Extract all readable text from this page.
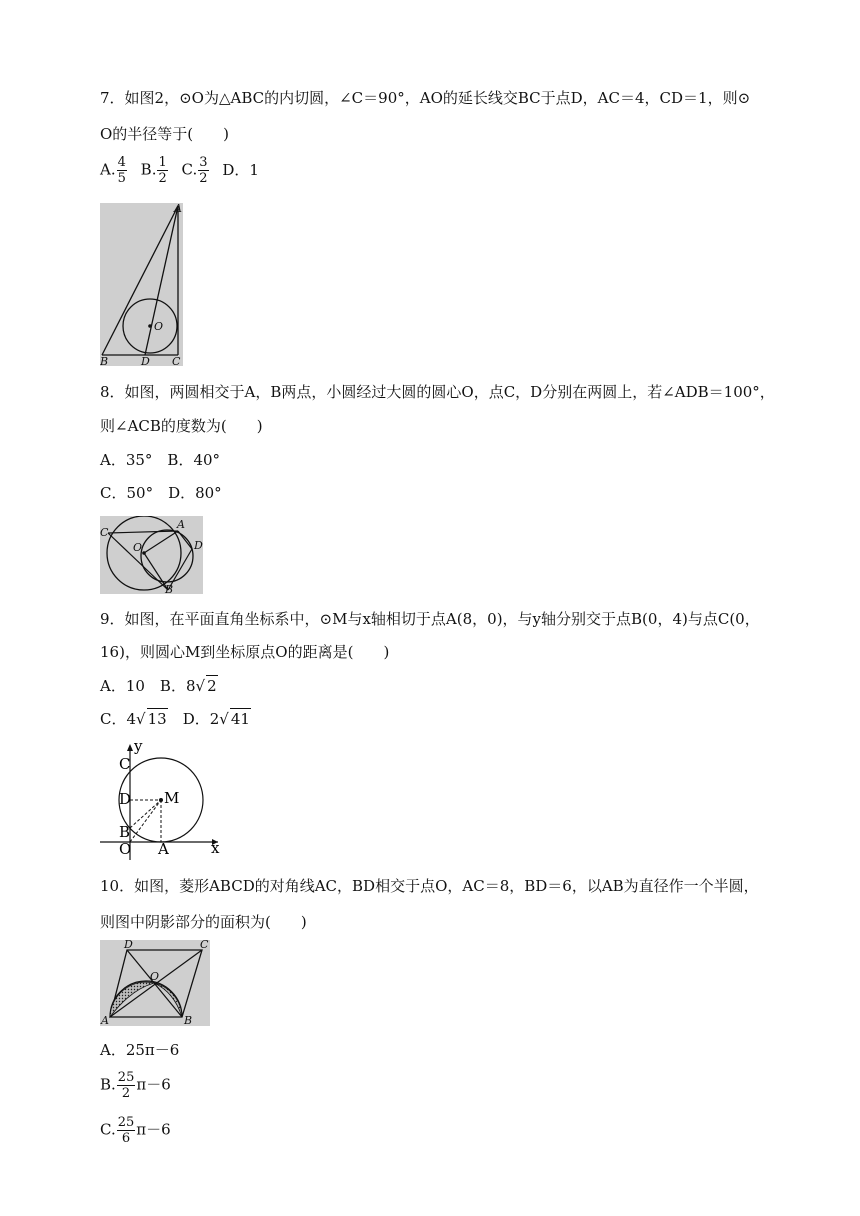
7．如图2，⊙O为△ABC的内切圆，∠C＝90°，AO的延长线交BC于点D，AC＝4，CD＝1，则⊙
O的半径等于(　　)
A. $\frac{4}{5} B$. $\frac{1}{2} C$. $\frac{3}{2}$ D．1
A
B	D C
O
8．如图，两圆相交于A，B两点，小圆经过大圆的圆心O，点C，D分别在两圆上，若∠ADB＝100°，
则∠ACB的度数为(　　)
A．35°　B．40°
C．50°　D．80°
C
A
D
O
B
9．如图，在平面直角坐标系中，⊙M与x轴相切于点A(8，0)，与y轴分别交于点B(0，4)与点C(0，
16)，则圆心M到坐标原点O的距离是(　　)
A．10　B．8√ 2
C．4√ 13　D．2√ 41
y
x
C
D M
B
O A
10．如图，菱形ABCD的对角线AC，BD相交于点O，AC＝8，BD＝6，以AB为直径作一个半圆，
则图中阴影部分的面积为(　　)
D	C
O
A	B
A．25π－6
B. $\frac{25}{2} \pi-6$
C. $\frac{25}{6} \pi-6$
